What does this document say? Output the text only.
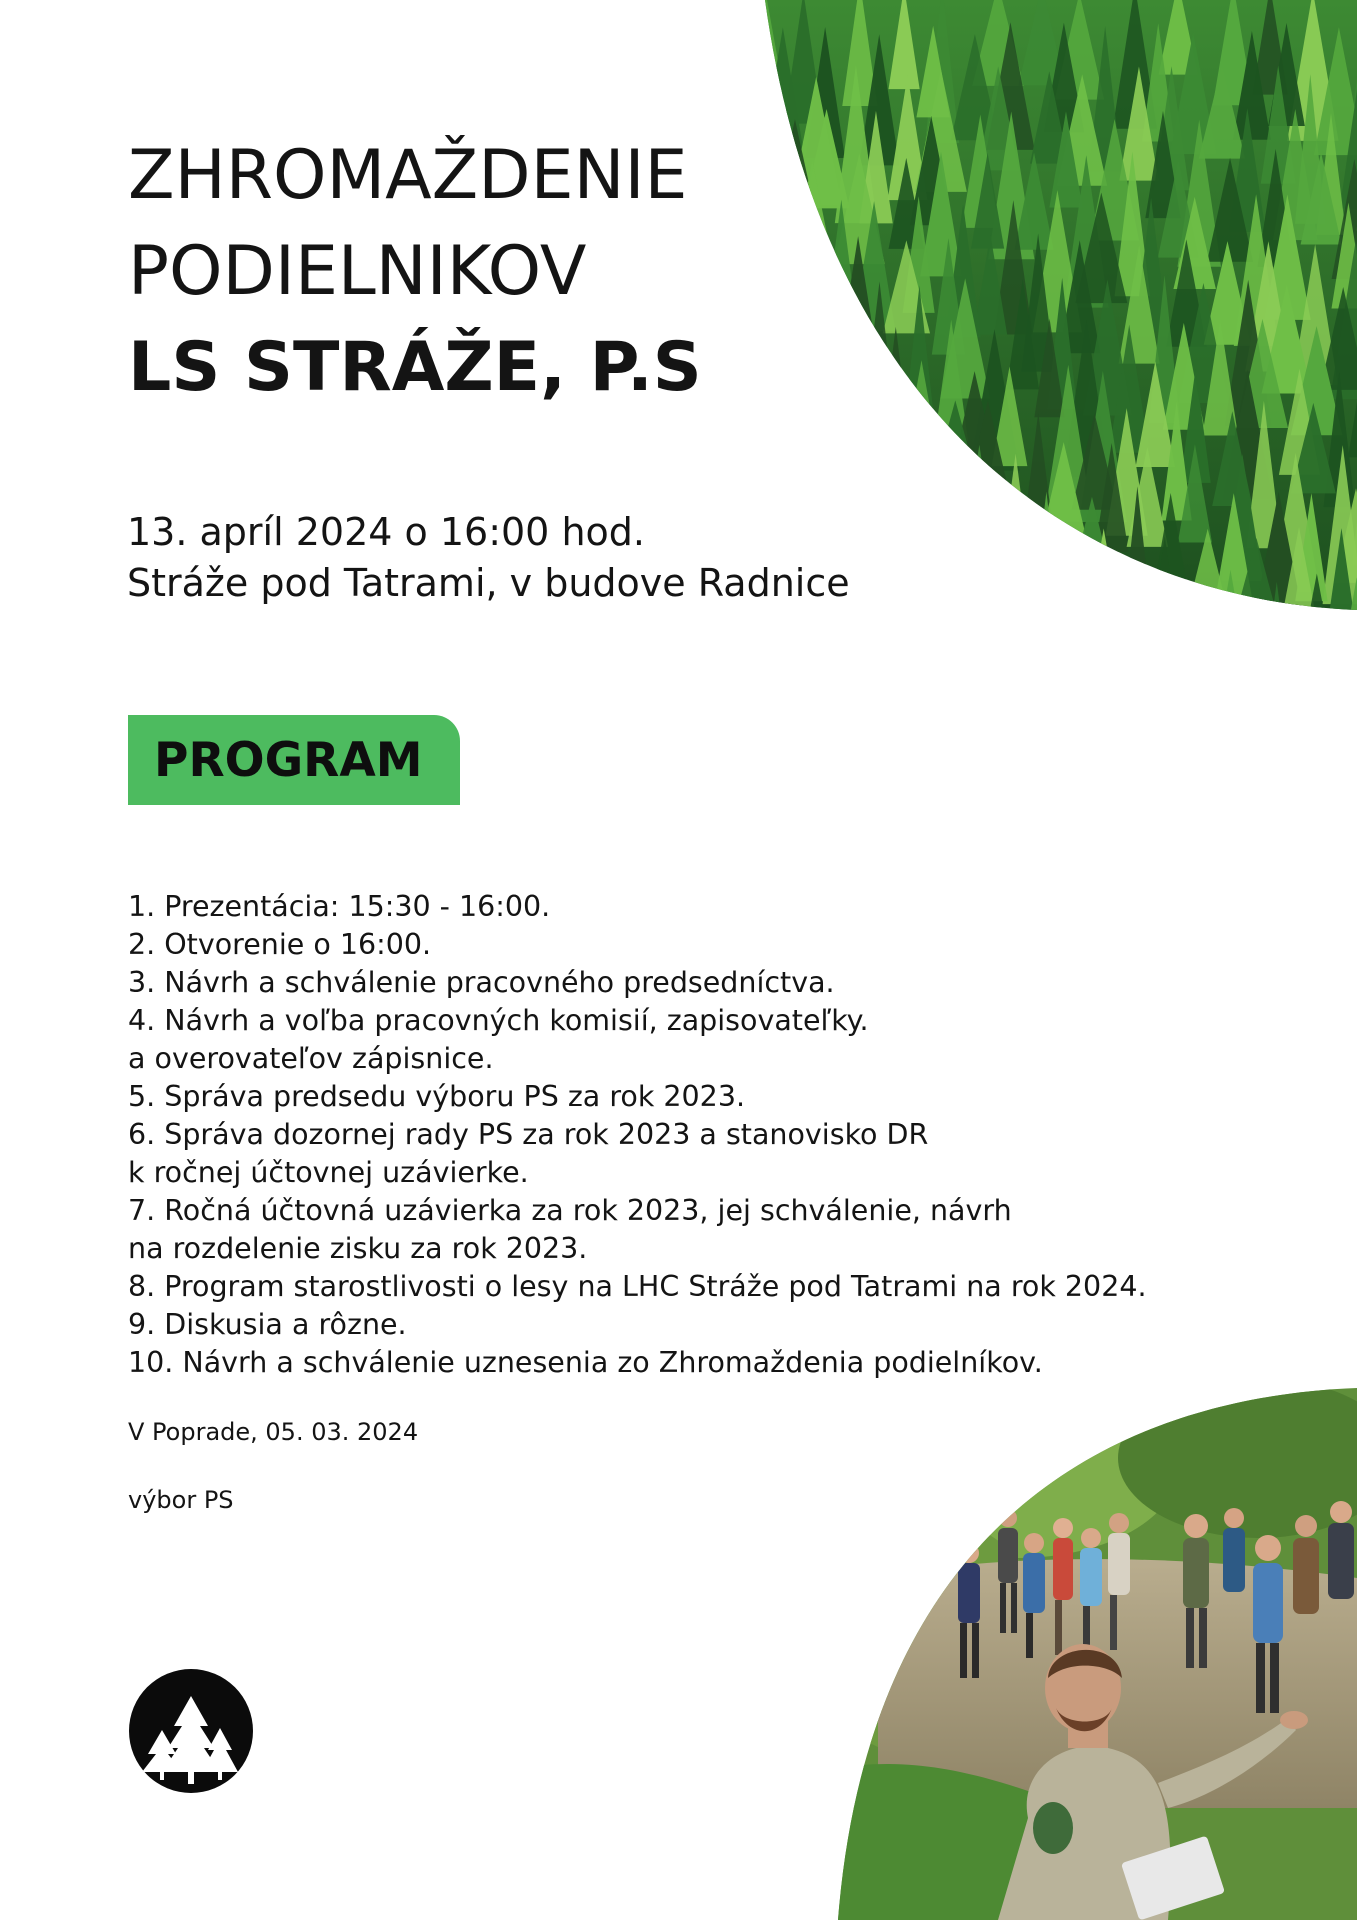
ZHROMAŽDENIE
PODIELNIKOV
LS STRÁŽE, P.S
13. apríl 2024 o 16:00 hod.
Stráže pod Tatrami, v budove Radnice
PROGRAM
1. Prezentácia: 15:30 - 16:00.
2. Otvorenie o 16:00.
3. Návrh a schválenie pracovného predsedníctva.
4. Návrh a voľba pracovných komisií, zapisovateľky.
a overovateľov zápisnice.
5. Správa predsedu výboru PS za rok 2023.
6. Správa dozornej rady PS za rok 2023 a stanovisko DR
k ročnej účtovnej uzávierke.
7. Ročná účtovná uzávierka za rok 2023, jej schválenie, návrh
na rozdelenie zisku za rok 2023.
8. Program starostlivosti o lesy na LHC Stráže pod Tatrami na rok 2024.
9. Diskusia a rôzne.
10. Návrh a schválenie uznesenia zo Zhromaždenia podielníkov.
V Poprade, 05. 03. 2024
výbor PS
